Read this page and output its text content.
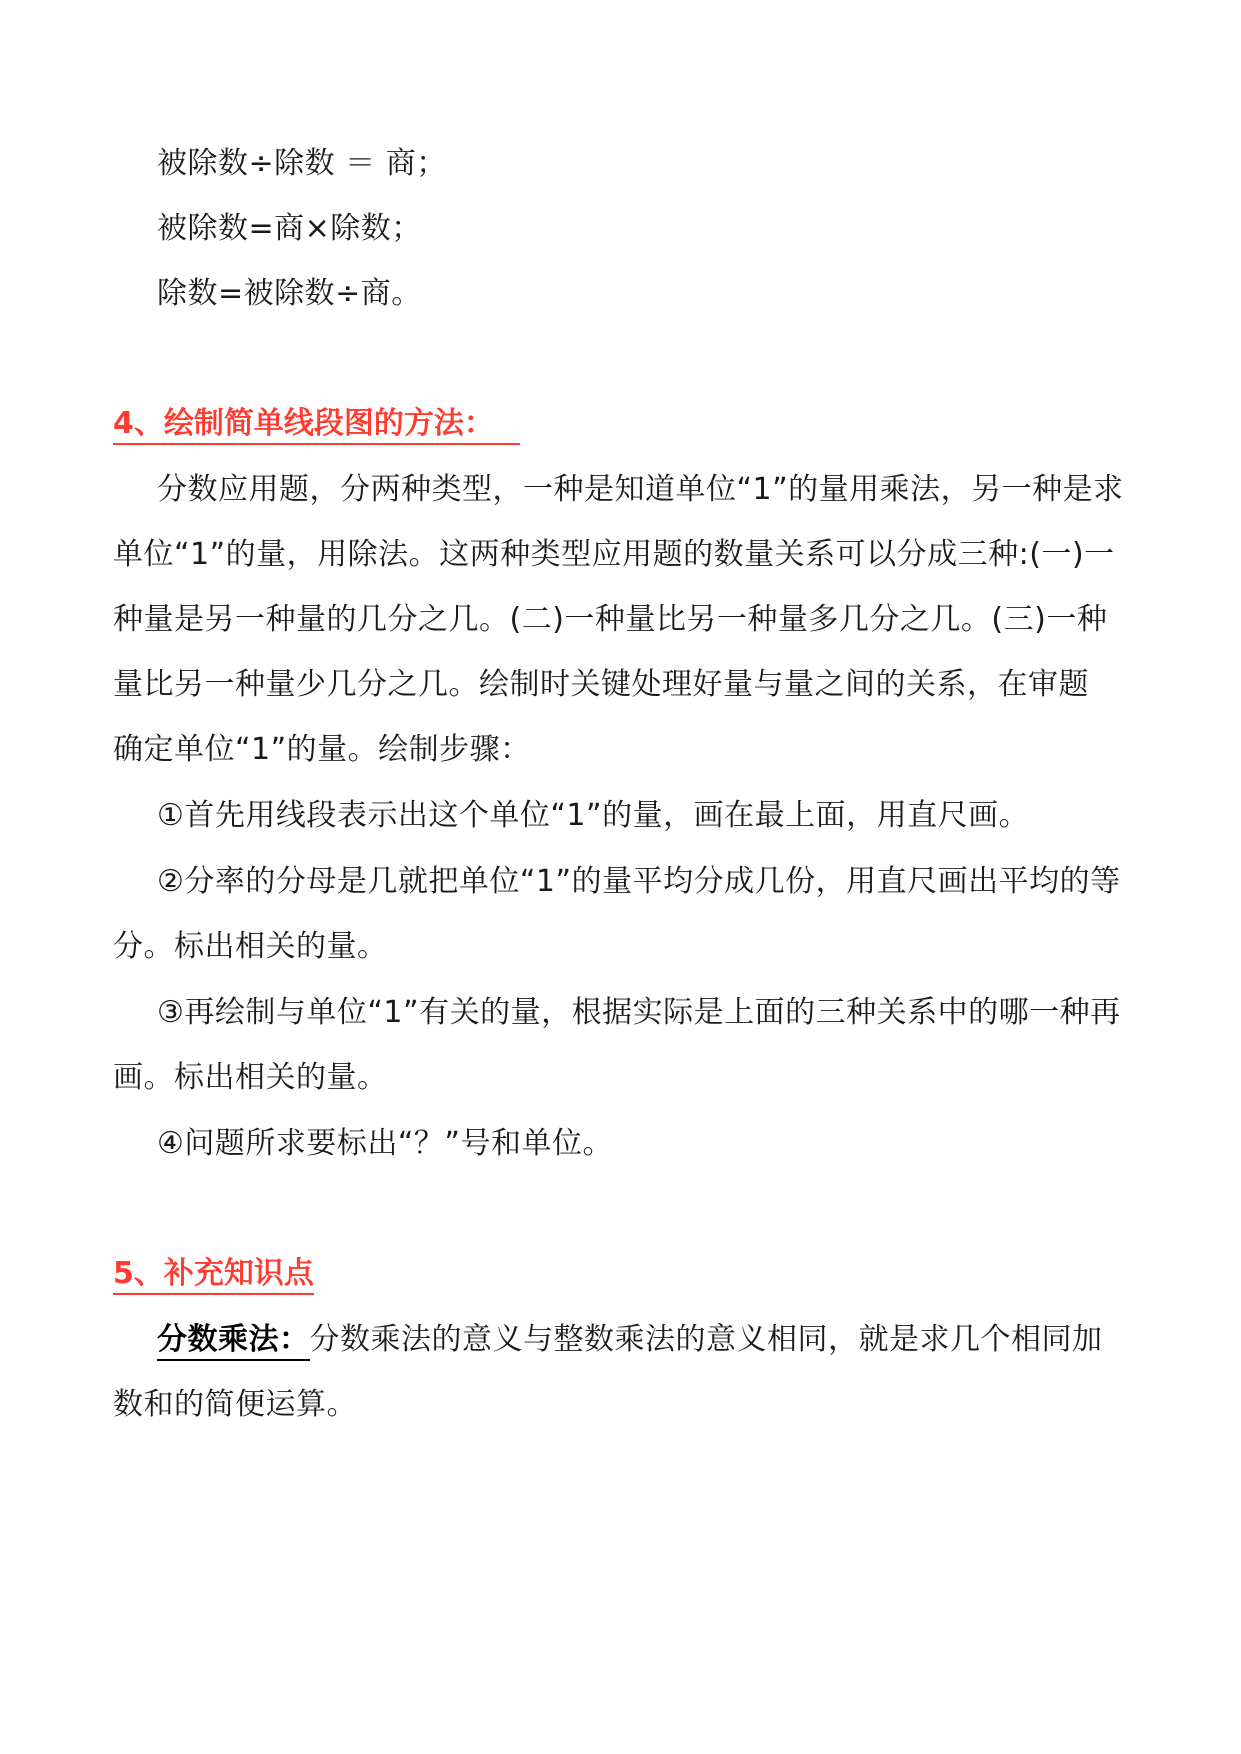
被除数÷除数 ＝ 商；
被除数=商×除数；
除数=被除数÷商。
4、绘制简单线段图的方法：
分数应用题，分两种类型，一种是知道单位“1”的量用乘法，另一种是求
单位“1”的量，用除法。这两种类型应用题的数量关系可以分成三种:(一)一
种量是另一种量的几分之几。(二)一种量比另一种量多几分之几。(三)一种
量比另一种量少几分之几。绘制时关键处理好量与量之间的关系，在审题
确定单位“1”的量。绘制步骤：
①首先用线段表示出这个单位“1”的量，画在最上面，用直尺画。
②分率的分母是几就把单位“1”的量平均分成几份，用直尺画出平均的等
分。标出相关的量。
③再绘制与单位“1”有关的量，根据实际是上面的三种关系中的哪一种再
画。标出相关的量。
④问题所求要标出“？”号和单位。
5、补充知识点
分数乘法：分数乘法的意义与整数乘法的意义相同，就是求几个相同加
数和的简便运算。
